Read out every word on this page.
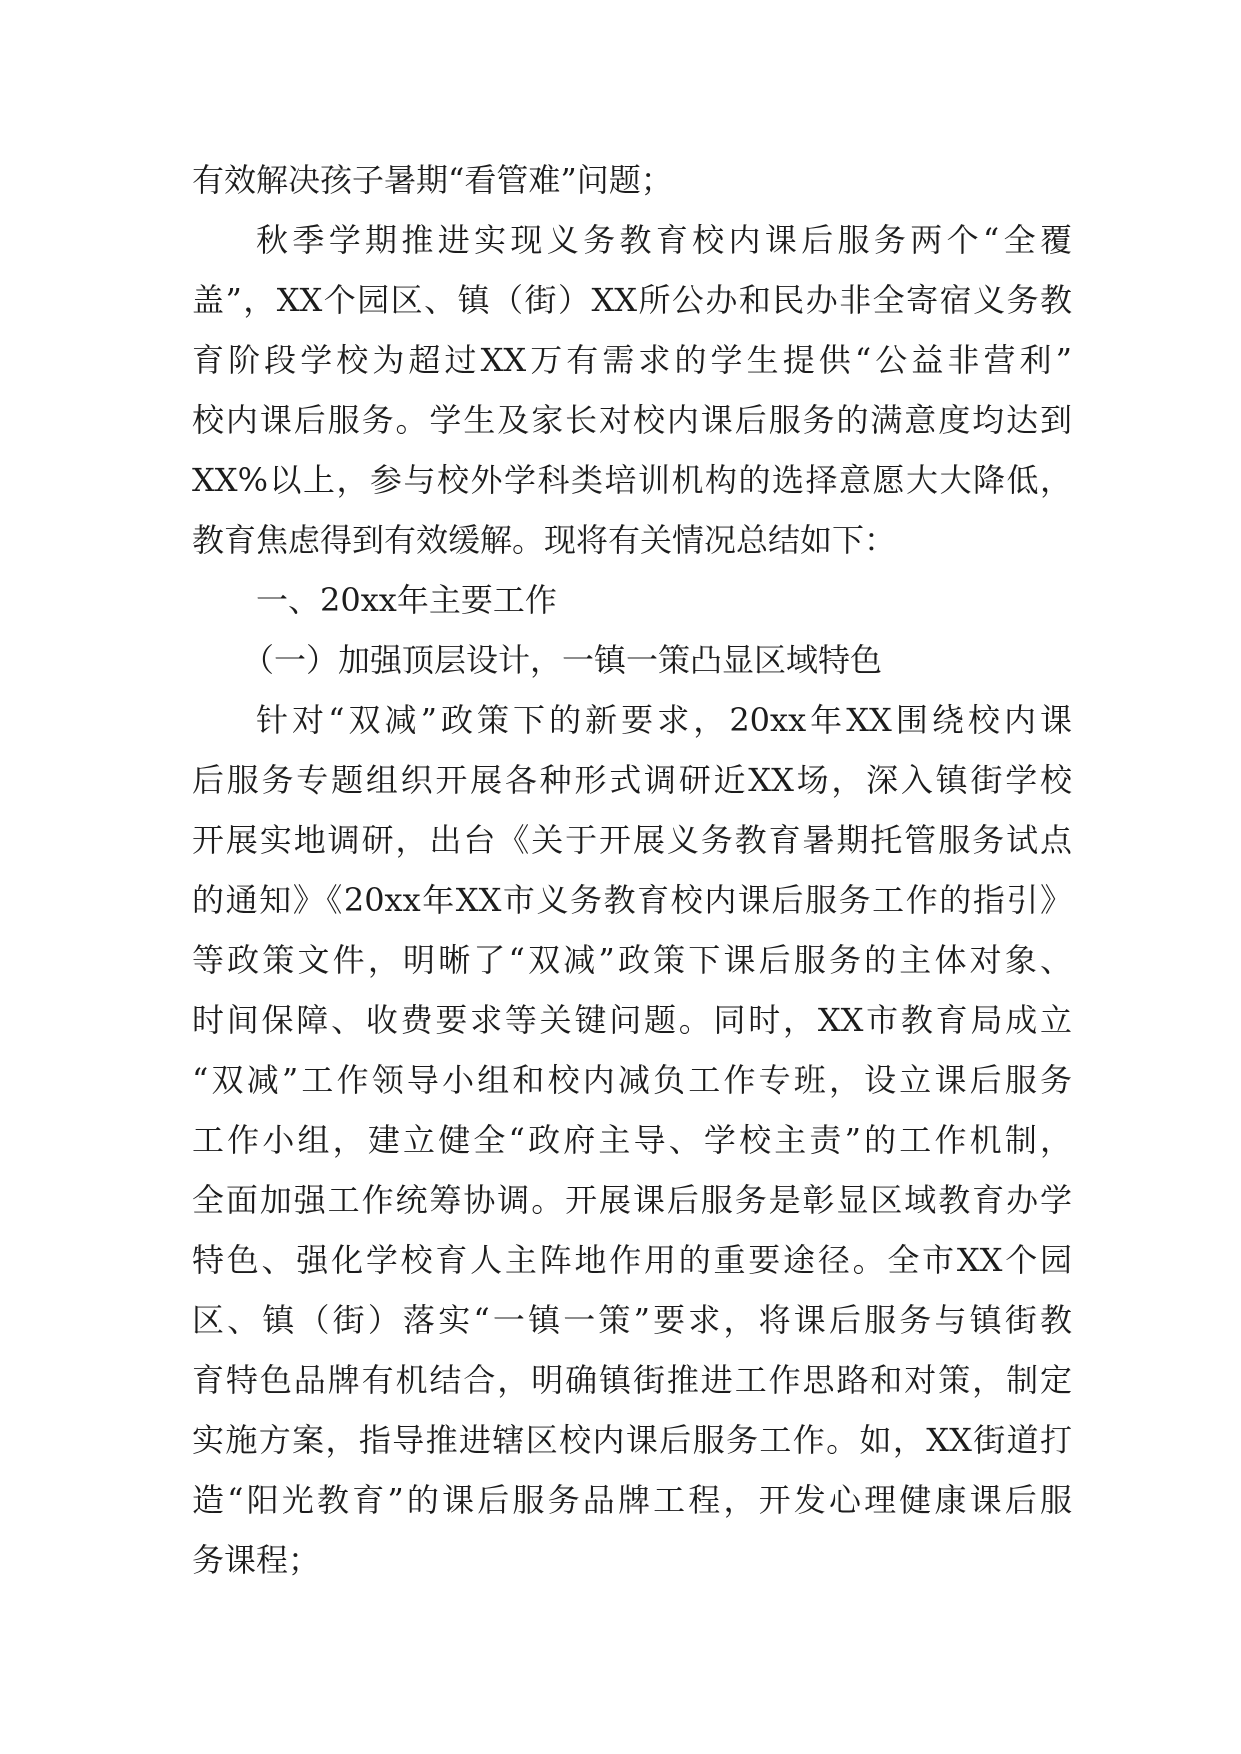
有效解决孩子暑期“看管难”问题；
秋季学期推进实现义务教育校内课后服务两个“全覆
盖”，XX个园区、镇（街）XX所公办和民办非全寄宿义务教
育阶段学校为超过XX万有需求的学生提供“公益非营利”
校内课后服务。学生及家长对校内课后服务的满意度均达到
XX%以上，参与校外学科类培训机构的选择意愿大大降低，
教育焦虑得到有效缓解。现将有关情况总结如下：
一、20xx年主要工作
（一）加强顶层设计，一镇一策凸显区域特色
针对“双减”政策下的新要求，20xx年XX围绕校内课
后服务专题组织开展各种形式调研近XX场，深入镇街学校
开展实地调研，出台《关于开展义务教育暑期托管服务试点
的通知》《20xx年XX市义务教育校内课后服务工作的指引》
等政策文件，明晰了“双减”政策下课后服务的主体对象、
时间保障、收费要求等关键问题。同时，XX市教育局成立
“双减”工作领导小组和校内减负工作专班，设立课后服务
工作小组，建立健全“政府主导、学校主责”的工作机制，
全面加强工作统筹协调。开展课后服务是彰显区域教育办学
特色、强化学校育人主阵地作用的重要途径。全市XX个园
区、镇（街）落实“一镇一策”要求，将课后服务与镇街教
育特色品牌有机结合，明确镇街推进工作思路和对策，制定
实施方案，指导推进辖区校内课后服务工作。如，XX街道打
造“阳光教育”的课后服务品牌工程，开发心理健康课后服
务课程；
